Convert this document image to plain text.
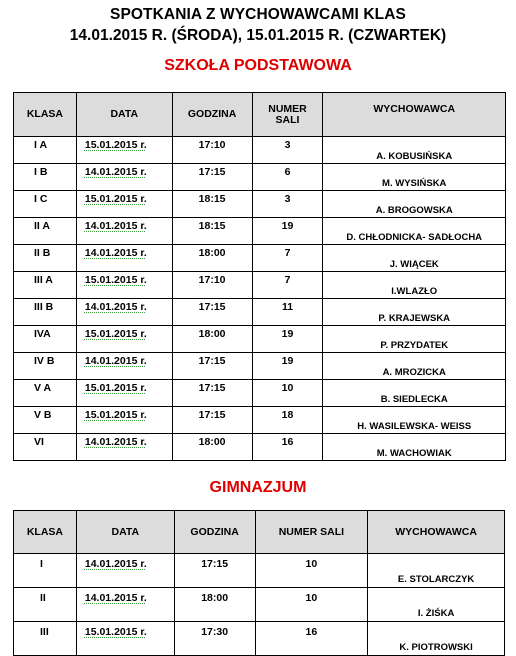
SPOTKANIA Z WYCHOWAWCAMI KLAS
14.01.2015 R. (ŚRODA), 15.01.2015 R. (CZWARTEK)
SZKOŁA PODSTAWOWA
KLASA	DATA	GODZINA	NUMER SALI	WYCHOWAWCA
I A	15.01.2015 r.	17:10	3	A. KOBUSIŃSKA
I B	14.01.2015 r.	17:15	6	M. WYSIŃSKA
I C	15.01.2015 r.	18:15	3	A. BROGOWSKA
II A	14.01.2015 r.	18:15	19	D. CHŁODNICKA- SADŁOCHA
II B	14.01.2015 r.	18:00	7	J. WIĄCEK
III A	15.01.2015 r.	17:10	7	I.WLAZŁO
III B	14.01.2015 r.	17:15	11	P. KRAJEWSKA
IVA	15.01.2015 r.	18:00	19	P. PRZYDATEK
IV B	14.01.2015 r.	17:15	19	A. MROZICKA
V A	15.01.2015 r.	17:15	10	B. SIEDLECKA
V B	15.01.2015 r.	17:15	18	H. WASILEWSKA- WEISS
VI	14.01.2015 r.	18:00	16	M. WACHOWIAK
GIMNAZJUM
KLASA	DATA	GODZINA	NUMER SALI	WYCHOWAWCA
I	14.01.2015 r.	17:15	10	E. STOLARCZYK
II	14.01.2015 r.	18:00	10	I. ŻIŚKA
III	15.01.2015 r.	17:30	16	K. PIOTROWSKI
